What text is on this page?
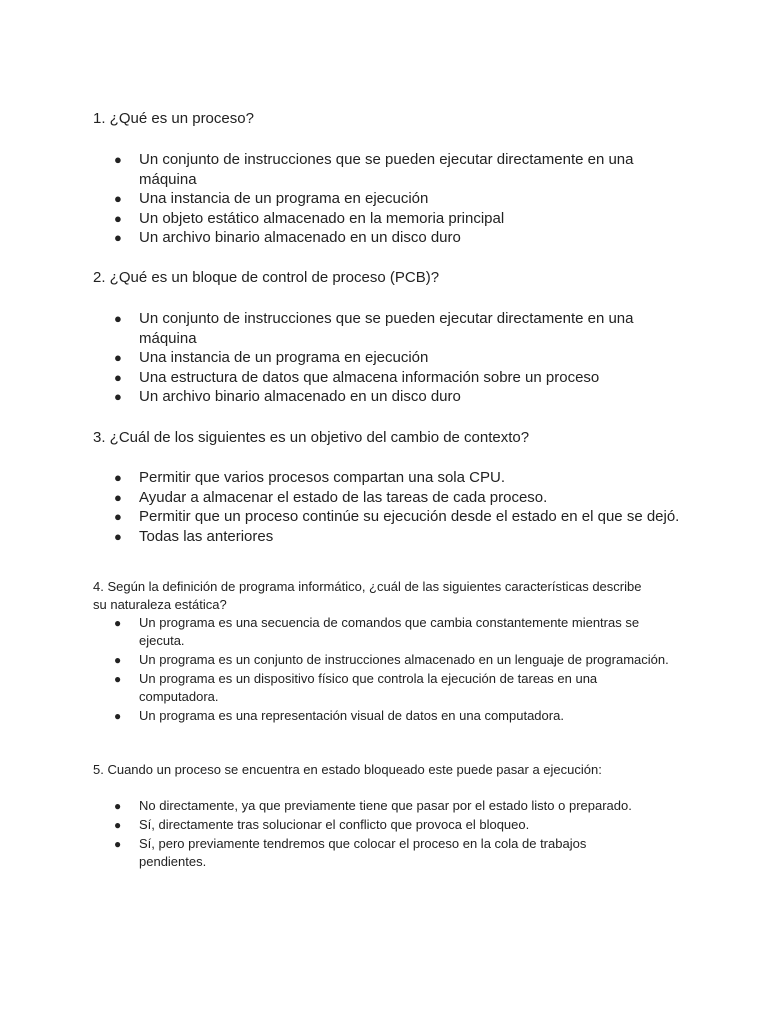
1. ¿Qué es un proceso?

● Un conjunto de instrucciones que se pueden ejecutar directamente en una máquina
● Una instancia de un programa en ejecución
● Un objeto estático almacenado en la memoria principal
● Un archivo binario almacenado en un disco duro

2. ¿Qué es un bloque de control de proceso (PCB)?

● Un conjunto de instrucciones que se pueden ejecutar directamente en una máquina
● Una instancia de un programa en ejecución
● Una estructura de datos que almacena información sobre un proceso
● Un archivo binario almacenado en un disco duro

3. ¿Cuál de los siguientes es un objetivo del cambio de contexto?

● Permitir que varios procesos compartan una sola CPU.
● Ayudar a almacenar el estado de las tareas de cada proceso.
● Permitir que un proceso continúe su ejecución desde el estado en el que se dejó.
● Todas las anteriores

4. Según la definición de programa informático, ¿cuál de las siguientes características describe su naturaleza estática?

● Un programa es una secuencia de comandos que cambia constantemente mientras se ejecuta.
● Un programa es un conjunto de instrucciones almacenado en un lenguaje de programación.
● Un programa es un dispositivo físico que controla la ejecución de tareas en una computadora.
● Un programa es una representación visual de datos en una computadora.

5. Cuando un proceso se encuentra en estado bloqueado este puede pasar a ejecución:

● No directamente, ya que previamente tiene que pasar por el estado listo o preparado.
● Sí, directamente tras solucionar el conflicto que provoca el bloqueo.
● Sí, pero previamente tendremos que colocar el proceso en la cola de trabajos pendientes.
